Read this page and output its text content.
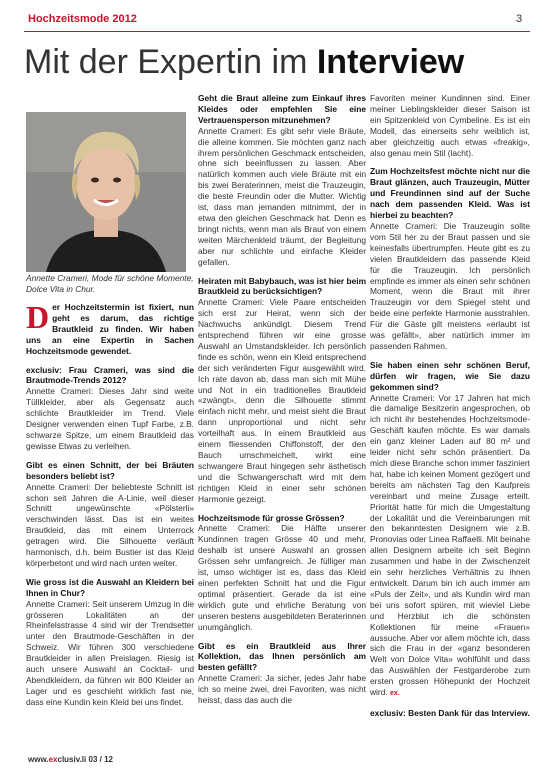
Hochzeitsmode 2012	3
Mit der Expertin im Interview
Annette Crameri, Mode für schöne Momente, Dolce Vita in Chur.

Der Hochzeitstermin ist fixiert, nun geht es darum, das richtige Brautkleid zu finden. Wir haben uns an eine Expertin in Sachen Hochzeitsmode gewendet.

exclusiv: Frau Crameri, was sind die Brautmode-Trends 2012?

Annette Crameri: Dieses Jahr sind weite Tüllkleider, aber als Gegensatz auch schlichte Brautkleider im Trend. Viele Designer verwenden einen Tupf Farbe, z.B. schwarze Spitze, um einem Brautkleid das gewisse Etwas zu verleihen.

Gibt es einen Schnitt, der bei Bräuten besonders beliebt ist?

Annette Crameri: Der beliebteste Schnitt ist schon seit Jahren die A-Linie, weil dieser Schnitt ungewünschte «Pölsterli» verschwinden lässt. Das ist ein weites Brautkleid, das mit einem Unterrock getragen wird. Die Silhouette verläuft harmonisch, d.h. beim Bustier ist das Kleid körperbetont und wird nach unten weiter.

Wie gross ist die Auswahl an Kleidern bei Ihnen in Chur?

Annette Crameri: Seit unserem Umzug in die grösseren Lokalitäten an der Rheinfelsstrasse 4 sind wir der Trendsetter unter den Brautmode-Geschäften in der Schweiz. Wir führen 300 verschiedene Brautkleider in allen Preislagen. Riesig ist auch unsere Auswahl an Cocktail- und Abendkleidern, da führen wir 800 Kleider an Lager und es geschieht wirklich fast nie, dass eine Kundin kein Kleid bei uns findet.

Geht die Braut alleine zum Einkauf ihres Kleides oder empfehlen Sie eine Vertrauensperson mitzunehmen?

Annette Crameri: Es gibt sehr viele Bräute, die alleine kommen. Sie möchten ganz nach ihrem persönlichen Geschmack entscheiden, ohne sich beeinflussen zu lassen. Aber natürlich kommen auch viele Bräute mit ein bis zwei Beraterinnen, meist die Trauzeugin, die beste Freundin oder die Mutter. Wichtig ist, dass man jemanden mitnimmt, der in etwa den gleichen Geschmack hat. Denn es bringt nichts, wenn man als Braut von einem weiten Märchenkleid träumt, der Begleitung aber nur schlichte und einfache Kleider gefallen.

Heiraten mit Babybauch, was ist hier beim Brautkleid zu berücksichtigen?

Annette Crameri: Viele Paare entscheiden sich erst zur Heirat, wenn sich der Nachwuchs ankündigt. Diesem Trend entsprechend führen wir eine grosse Auswahl an Umstandskleider. Ich persönlich finde es schön, wenn ein Kleid entsprechend der sich veränderten Figur ausgewählt wird. Ich rate davon ab, dass man sich mit Mühe und Not in ein traditionelles Brautkleid «zwängt», denn die Silhouette stimmt einfach nicht mehr, und meist sieht die Braut dann unproportional und nicht sehr vorteilhaft aus. In einem Brautkleid aus einem fliessenden Chiffonstoff, der den Bauch umschmeichelt, wirkt eine schwangere Braut hingegen sehr ästhetisch und die Schwangerschaft wird mit dem richtigen Kleid in einer sehr schönen Harmonie gezeigt.

Hochzeitsmode für grosse Grössen?

Annette Crameri: Die Hälfte unserer Kundinnen tragen Grösse 40 und mehr, deshalb ist unsere Auswahl an grossen Grössen sehr umfangreich. Je fülliger man ist, umso wichtiger ist es, dass das Kleid einen perfekten Schnitt hat und die Figur optimal präsentiert. Gerade da ist eine wirklich gute und ehrliche Beratung von unseren bestens ausgebildeten Beraterinnen unumgänglich.

Gibt es ein Brautkleid aus Ihrer Kollektion, das Ihnen persönlich am besten gefällt?

Annette Crameri: Ja sicher, jedes Jahr habe ich so meine zwei, drei Favoriten, was nicht heisst, dass das auch die

Favoriten meiner Kundinnen sind. Einer meiner Lieblingskleider dieser Saison ist ein Spitzenkleid von Cymbeline. Es ist ein Modell, das einerseits sehr weiblich ist, aber gleichzeitig auch etwas «freakig», also genau mein Stil (lacht).

Zum Hochzeitsfest möchte nicht nur die Braut glänzen, auch Trauzeugin, Mütter und Freundinnen sind auf der Suche nach dem passenden Kleid. Was ist hierbei zu beachten?

Annette Crameri: Die Trauzeugin sollte vom Stil her zu der Braut passen und sie keinesfalls übertrumpfen. Heute gibt es zu vielen Brautkleidern das passende Kleid für die Trauzeugin. Ich persönlich empfinde es immer als einen sehr schönen Moment, wenn die Braut mit ihrer Trauzeugin vor dem Spiegel steht und beide eine perfekte Harmonie ausstrahlen. Für die Gäste gilt meistens «erlaubt ist was gefällt», aber natürlich immer im passenden Rahmen.

Sie haben einen sehr schönen Beruf, dürfen wir fragen, wie Sie dazu gekommen sind?

Annette Crameri: Vor 17 Jahren hat mich die damalige Besitzerin angesprochen, ob ich nicht ihr bestehendes Hochzeitsmode-Geschäft kaufen möchte. Es war damals ein ganz kleiner Laden auf 80 m² und leider nicht sehr schön präsentiert. Da mich diese Branche schon immer fasziniert hat, habe ich keinen Moment gezögert und bereits am nächsten Tag den Kaufpreis vereinbart und meine Zusage erteilt. Priorität hatte für mich die Umgestaltung der Lokalität und die Vereinbarungen mit den bekanntesten Designern wie z.B. Pronovias oder Linea Raffaelli. Mit beinahe allen Designern arbeite ich seit Beginn zusammen und habe in der Zwischenzeit ein sehr herzliches Verhältnis zu ihnen entwickelt. Darum bin ich auch immer am «Puls der Zeit», und als Kundin wird man bei uns sofort spüren, mit wieviel Liebe und Herzblut ich die schönsten Kollektionen für meine «Frauen» aussuche. Aber vor allem möchte ich, dass sich die Frau in der «ganz besonderen Welt von Dolce Vita» wohlfühlt und dass das Auswählen der Festgarderobe zum ersten grossen Höhepunkt der Hochzeit wird. ex.

exclusiv: Besten Dank für das Interview.

www.exclusiv.li 03 / 12
